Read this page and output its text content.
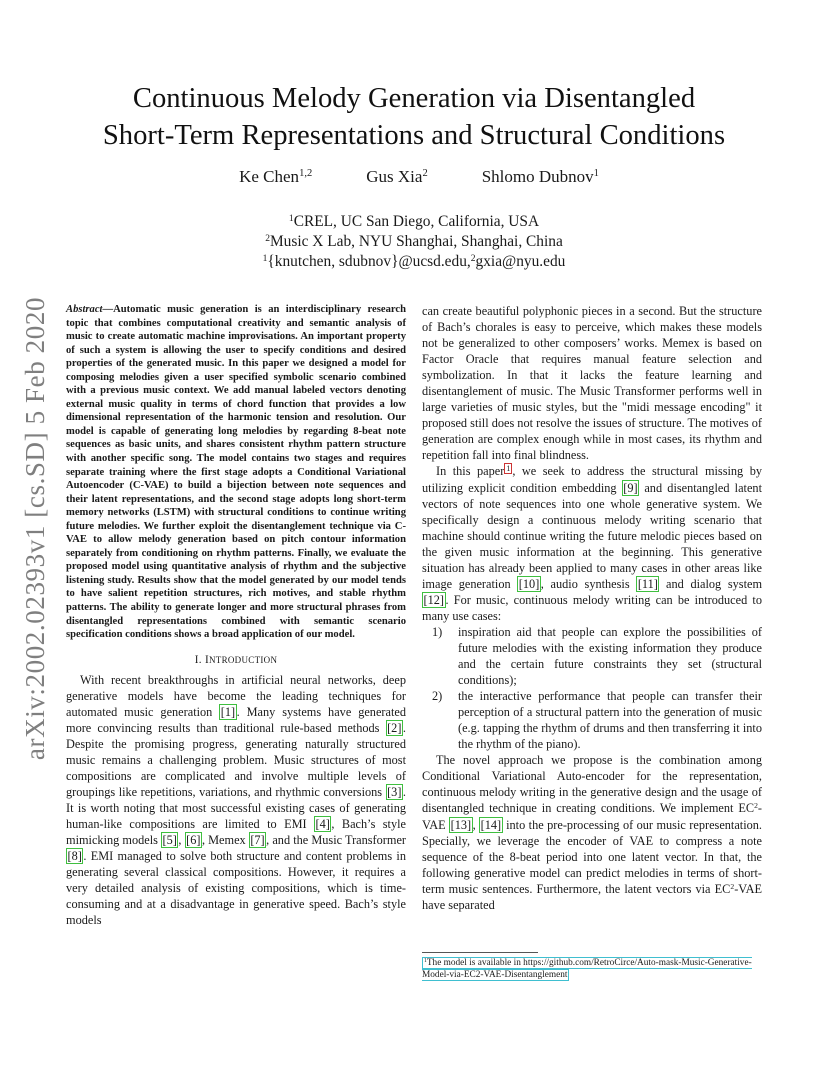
arXiv:2002.02393v1 [cs.SD] 5 Feb 2020
Continuous Melody Generation via Disentangled
Short-Term Representations and Structural Conditions
Ke Chen$^{1,2}$	Gus Xia$^2$	Shlomo Dubnov$^1$
$^1$CREL, UC San Diego, California, USA
$^2$Music X Lab, NYU Shanghai, Shanghai, China
$^1${knutchen, sdubnov}@ucsd.edu,$^2$gxia@nyu.edu

Abstract—Automatic music generation is an interdisciplinary research topic that combines computational creativity and semantic analysis of music to create automatic machine improvisations. An important property of such a system is allowing the user to specify conditions and desired properties of the generated music. In this paper we designed a model for composing melodies given a user specified symbolic scenario combined with a previous music context. We add manual labeled vectors denoting external music quality in terms of chord function that provides a low dimensional representation of the harmonic tension and resolution. Our model is capable of generating long melodies by regarding 8-beat note sequences as basic units, and shares consistent rhythm pattern structure with another specific song. The model contains two stages and requires separate training where the first stage adopts a Conditional Variational Autoencoder (C-VAE) to build a bijection between note sequences and their latent representations, and the second stage adopts long short-term memory networks (LSTM) with structural conditions to continue writing future melodies. We further exploit the disentanglement technique via C-VAE to allow melody generation based on pitch contour information separately from conditioning on rhythm patterns. Finally, we evaluate the proposed model using quantitative analysis of rhythm and the subjective listening study. Results show that the model generated by our model tends to have salient repetition structures, rich motives, and stable rhythm patterns. The ability to generate longer and more structural phrases from disentangled representations combined with semantic scenario specification conditions shows a broad application of our model.

I. INTRODUCTION

With recent breakthroughs in artificial neural networks, deep generative models have become the leading techniques for automated music generation [1] . Many systems have generated more convincing results than traditional rule-based methods [2] . Despite the promising progress, generating naturally structured music remains a challenging problem. Music structures of most compositions are complicated and involve multiple levels of groupings like repetitions, variations, and rhythmic conversions [3] . It is worth noting that most successful existing cases of generating human-like compositions are limited to EMI [4] , Bach’s style mimicking models [5] , [6] , Memex [7] , and the Music Transformer [8] . EMI managed to solve both structure and content problems in generating several classical compositions. However, it requires a very detailed analysis of existing compositions, which is time-consuming and at a disadvantage in generative speed. Bach’s style models

can create beautiful polyphonic pieces in a second. But the structure of Bach’s chorales is easy to perceive, which makes these models not be generalized to other composers’ works. Memex is based on Factor Oracle that requires manual feature selection and symbolization. In that it lacks the feature learning and disentanglement of music. The Music Transformer performs well in large varieties of music styles, but the "midi message encoding" it proposed still does not resolve the issues of structure. The motives of generation are complex enough while in most cases, its rhythm and repetition fall into final blindness.

In this paper $^1$ , we seek to address the structural missing by utilizing explicit condition embedding [9] and disentangled latent vectors of note sequences into one whole generative system. We specifically design a continuous melody writing scenario that machine should continue writing the future melodic pieces based on the given music information at the beginning. This generative situation has already been applied to many cases in other areas like image generation [10] , audio synthesis [11] and dialog system [12] . For music, continuous melody writing can be introduced to many use cases:

1) inspiration aid that people can explore the possibilities of future melodies with the existing information they produce and the certain future constraints they set (structural conditions);
2) the interactive performance that people can transfer their perception of a structural pattern into the generation of music (e.g. tapping the rhythm of drums and then transferring it into the rhythm of the piano).

The novel approach we propose is the combination among Conditional Variational Auto-encoder for the representation, continuous melody writing in the generative design and the usage of disentangled technique in creating conditions. We implement $EC^2$-VAE [13] , [14] into the pre-processing of our music representation. Specially, we leverage the encoder of VAE to compress a note sequence of the 8-beat period into one latent vector. In that, the following generative model can predict melodies in terms of short-term music sentences. Furthermore, the latent vectors via $EC^2$-VAE have separated

$^1$The model is available in https://github.com/RetroCirce/Auto-mask-Music-Generative-Model-via-EC2-VAE-Disentanglement
